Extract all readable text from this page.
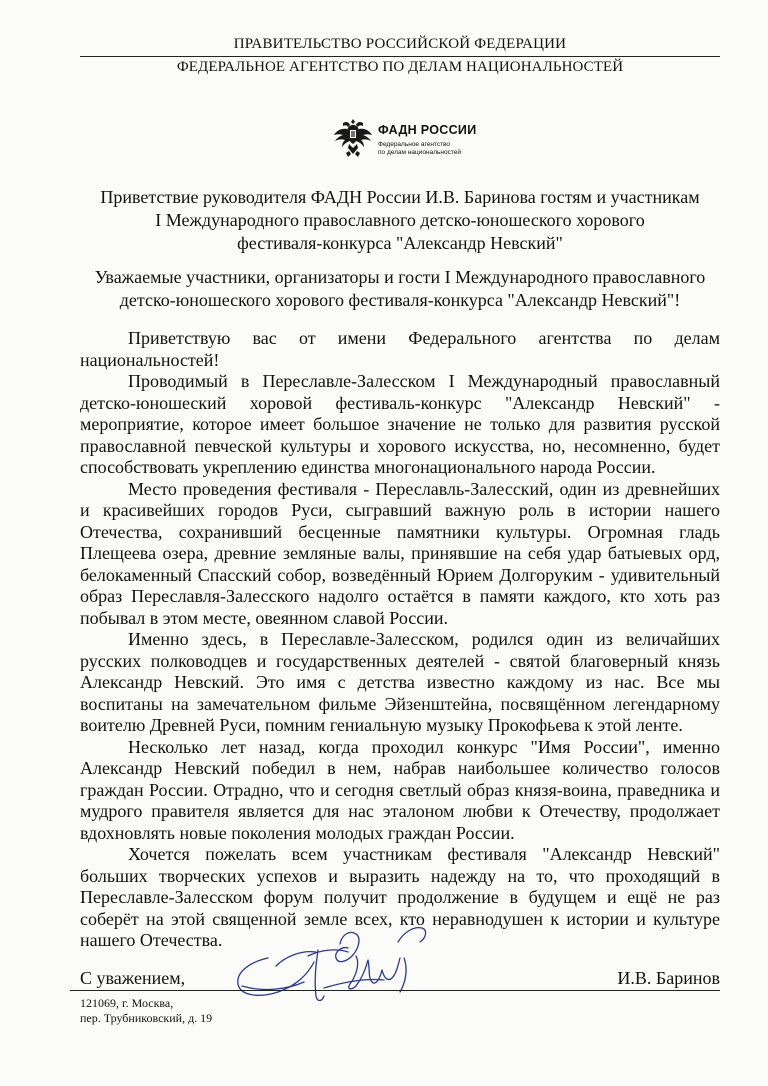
ПРАВИТЕЛЬСТВО РОССИЙСКОЙ ФЕДЕРАЦИИ
ФЕДЕРАЛЬНОЕ АГЕНТСТВО ПО ДЕЛАМ НАЦИОНАЛЬНОСТЕЙ
ФАДН РОССИИ
Федеральное агентство
по делам национальностей
Приветствие руководителя ФАДН России И.В. Баринова гостям и участникам
I Международного православного детско-юношеского хорового
фестиваля-конкурса "Александр Невский"
Уважаемые участники, организаторы и гости I Международного православного
детско-юношеского хорового фестиваля-конкурса "Александр Невский"!

Приветствую вас от имени Федерального агентства по делам национальностей!

Проводимый в Переславле-Залесском I Международный православный детско-юношеский хоровой фестиваль-конкурс "Александр Невский" - мероприятие, которое имеет большое значение не только для развития русской православной певческой культуры и хорового искусства, но, несомненно, будет способствовать укреплению единства многонационального народа России.

Место проведения фестиваля - Переславль-Залесский, один из древнейших и красивейших городов Руси, сыгравший важную роль в истории нашего Отечества, сохранивший бесценные памятники культуры. Огромная гладь Плещеева озера, древние земляные валы, принявшие на себя удар батыевых орд, белокаменный Спасский собор, возведённый Юрием Долгоруким - удивительный образ Переславля-Залесского надолго остаётся в памяти каждого, кто хоть раз побывал в этом месте, овеянном славой России.

Именно здесь, в Переславле-Залесском, родился один из величайших русских полководцев и государственных деятелей - святой благоверный князь Александр Невский. Это имя с детства известно каждому из нас. Все мы воспитаны на замечательном фильме Эйзенштейна, посвящённом легендарному воителю Древней Руси, помним гениальную музыку Прокофьева к этой ленте.

Несколько лет назад, когда проходил конкурс "Имя России", именно Александр Невский победил в нем, набрав наибольшее количество голосов граждан России. Отрадно, что и сегодня светлый образ князя-воина, праведника и мудрого правителя является для нас эталоном любви к Отечеству, продолжает вдохновлять новые поколения молодых граждан России.

Хочется пожелать всем участникам фестиваля "Александр Невский" больших творческих успехов и выразить надежду на то, что проходящий в Переславле-Залесском форум получит продолжение в будущем и ещё не раз соберёт на этой священной земле всех, кто неравнодушен к истории и культуре нашего Отечества.

С уважением,	И.В. Баринов
121069, г. Москва,
пер. Трубниковский, д. 19
